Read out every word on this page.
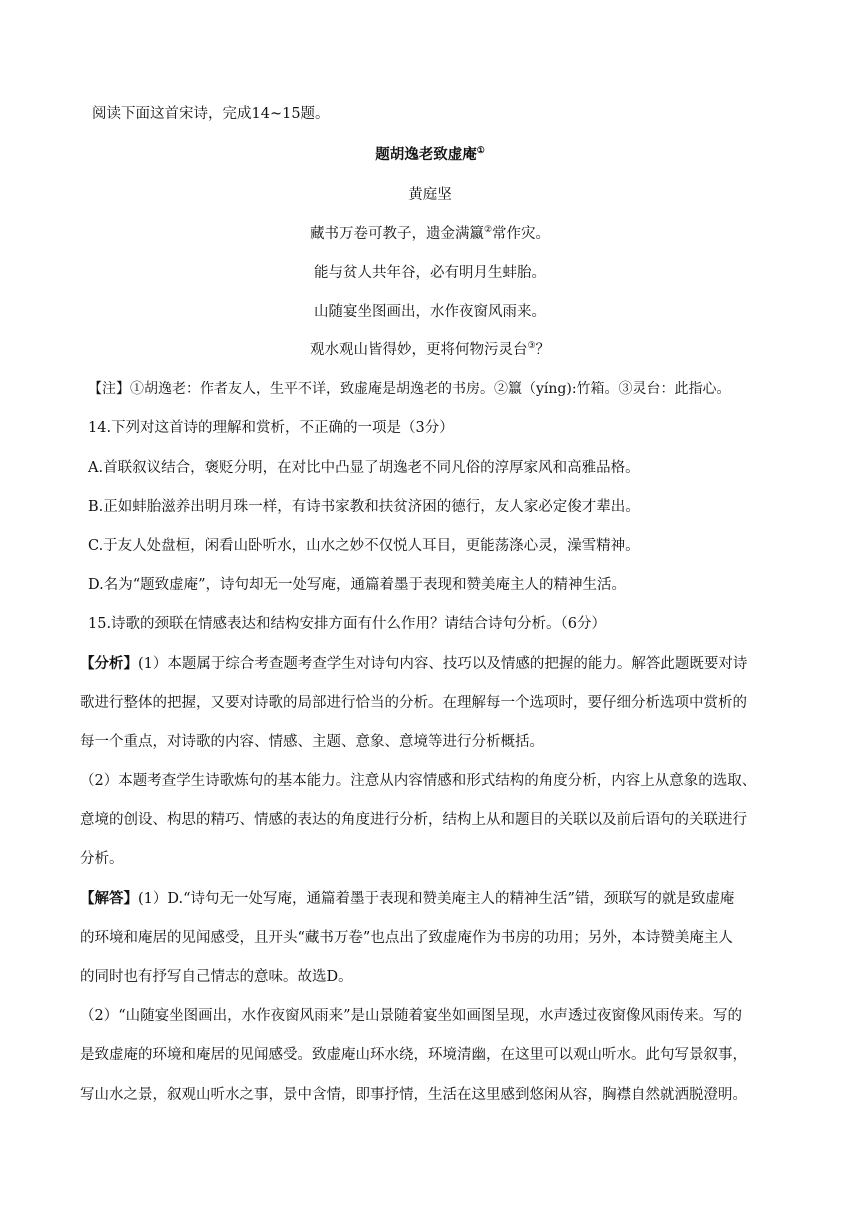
阅读下面这首宋诗，完成14~15题。
题胡逸老致虚庵①
黄庭坚
藏书万卷可教子，遗金满籝②常作灾。
能与贫人共年谷，必有明月生蚌胎。
山随宴坐图画出，水作夜窗风雨来。
观水观山皆得妙，更将何物污灵台③？
【注】①胡逸老：作者友人，生平不详，致虚庵是胡逸老的书房。②籝（yíng):竹箱。③灵台：此指心。
14.下列对这首诗的理解和赏析，不正确的一项是（3分）
A.首联叙议结合，褒贬分明，在对比中凸显了胡逸老不同凡俗的淳厚家风和高雅品格。
B.正如蚌胎滋养出明月珠一样，有诗书家教和扶贫济困的德行，友人家必定俊才辈出。
C.于友人处盘桓，闲看山卧听水，山水之妙不仅悦人耳目，更能荡涤心灵，澡雪精神。
D.名为“题致虚庵”，诗句却无一处写庵，通篇着墨于表现和赞美庵主人的精神生活。
15.诗歌的颈联在情感表达和结构安排方面有什么作用？请结合诗句分析。（6分）
【分析】(1）本题属于综合考查题考查学生对诗句内容、技巧以及情感的把握的能力。解答此题既要对诗
歌进行整体的把握，又要对诗歌的局部进行恰当的分析。在理解每一个选项时，要仔细分析选项中赏析的
每一个重点，对诗歌的内容、情感、主题、意象、意境等进行分析概括。
（2）本题考查学生诗歌炼句的基本能力。注意从内容情感和形式结构的角度分析，内容上从意象的选取、
意境的创设、构思的精巧、情感的表达的角度进行分析，结构上从和题目的关联以及前后语句的关联进行
分析。
【解答】(1）D.“诗句无一处写庵，通篇着墨于表现和赞美庵主人的精神生活”错，颈联写的就是致虚庵
的环境和庵居的见闻感受，且开头“藏书万卷”也点出了致虚庵作为书房的功用；另外，本诗赞美庵主人
的同时也有抒写自己情志的意味。故选D。
（2）“山随宴坐图画出，水作夜窗风雨来”是山景随着宴坐如画图呈现，水声透过夜窗像风雨传来。写的
是致虚庵的环境和庵居的见闻感受。致虚庵山环水绕，环境清幽，在这里可以观山听水。此句写景叙事，
写山水之景，叙观山听水之事，景中含情，即事抒情，生活在这里感到悠闲从容，胸襟自然就洒脱澄明。
